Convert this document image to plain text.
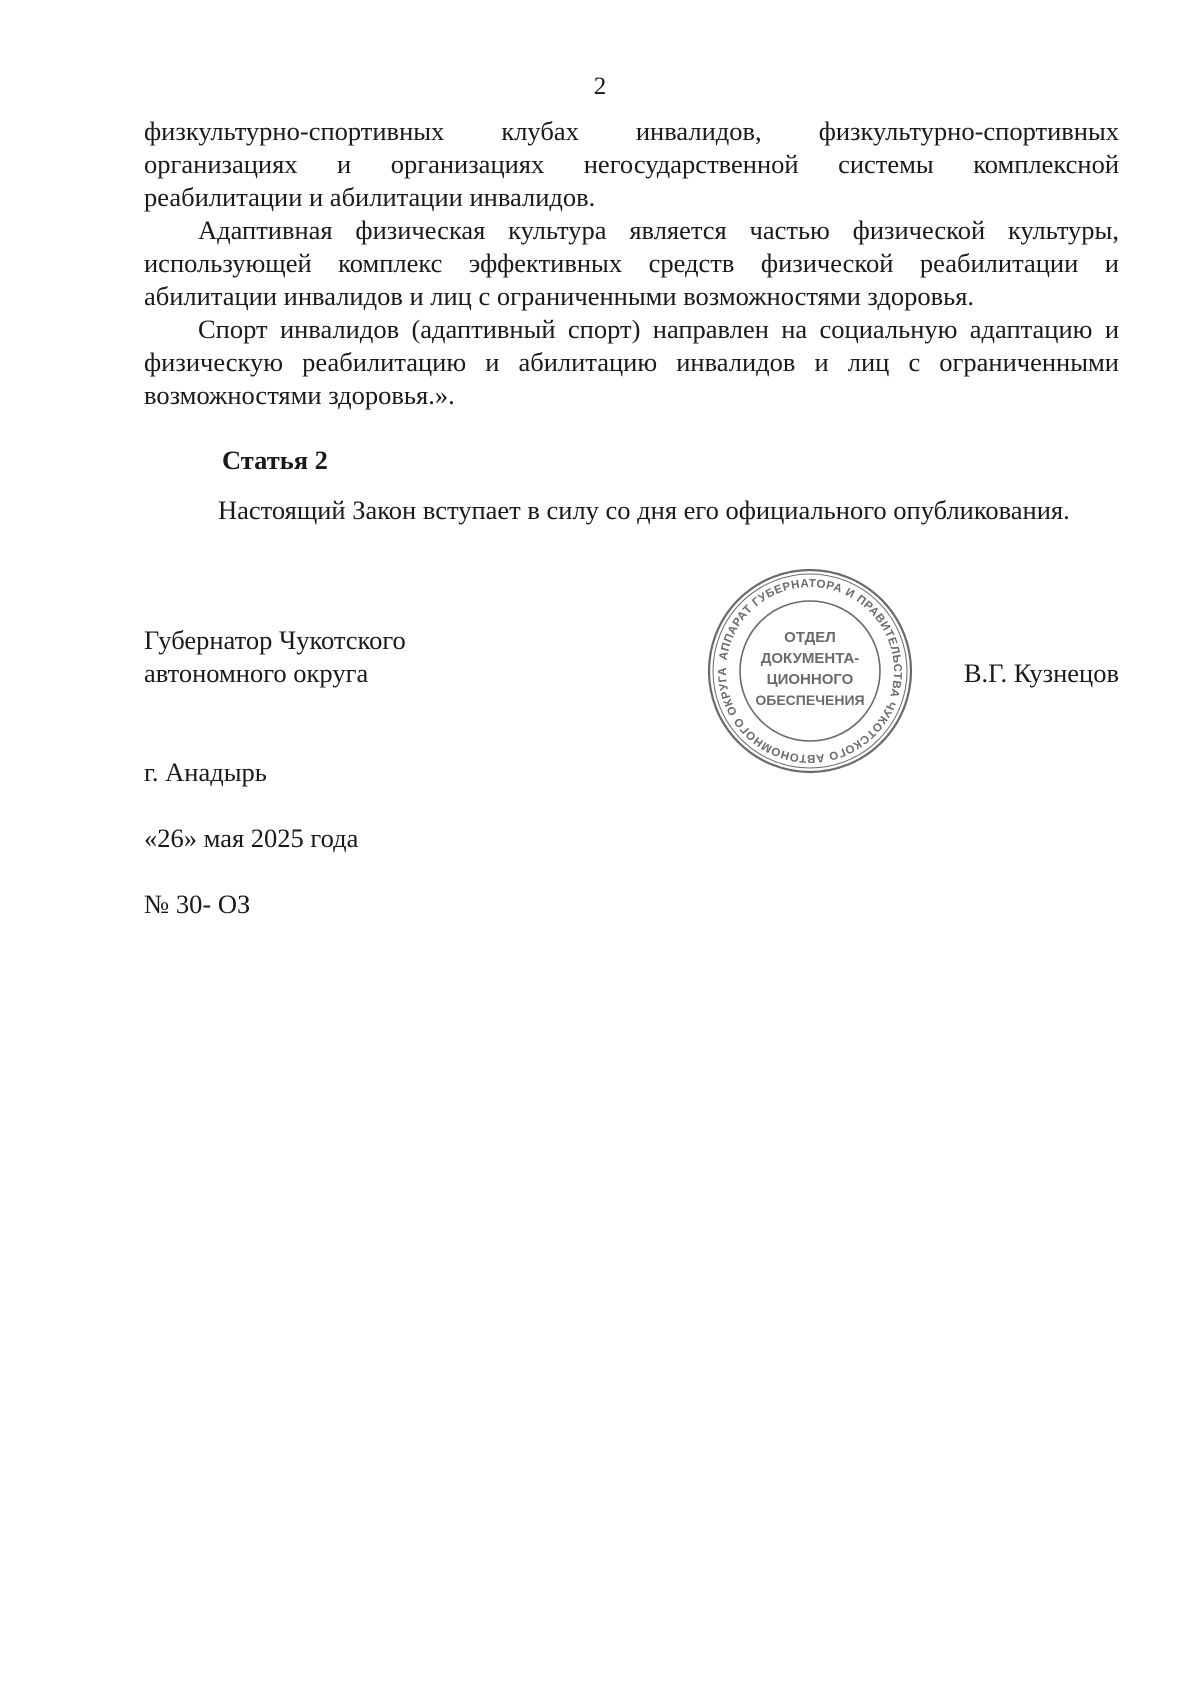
2

физкультурно-спортивных клубах инвалидов, физкультурно-спортивных организациях и организациях негосударственной системы комплексной реабилитации и абилитации инвалидов.

Адаптивная физическая культура является частью физической культуры, использующей комплекс эффективных средств физической реабилитации и абилитации инвалидов и лиц с ограниченными возможностями здоровья.

Спорт инвалидов (адаптивный спорт) направлен на социальную адаптацию и физическую реабилитацию и абилитацию инвалидов и лиц с ограниченными возможностями здоровья.».

Статья 2

Настоящий Закон вступает в силу со дня его официального опубликования.

Губернатор Чукотского
автономного округа
АППАРАТ ГУБЕРНАТОРА И ПРАВИТЕЛЬСТВА ЧУКОТСКОГО АВТОНОМНОГО ОКРУГА
ОТДЕЛ
ДОКУМЕНТА-
ЦИОННОГО
ОБЕСПЕЧЕНИЯ
В.Г. Кузнецов
г. Анадырь
«26» мая 2025 года
№ 30- ОЗ
